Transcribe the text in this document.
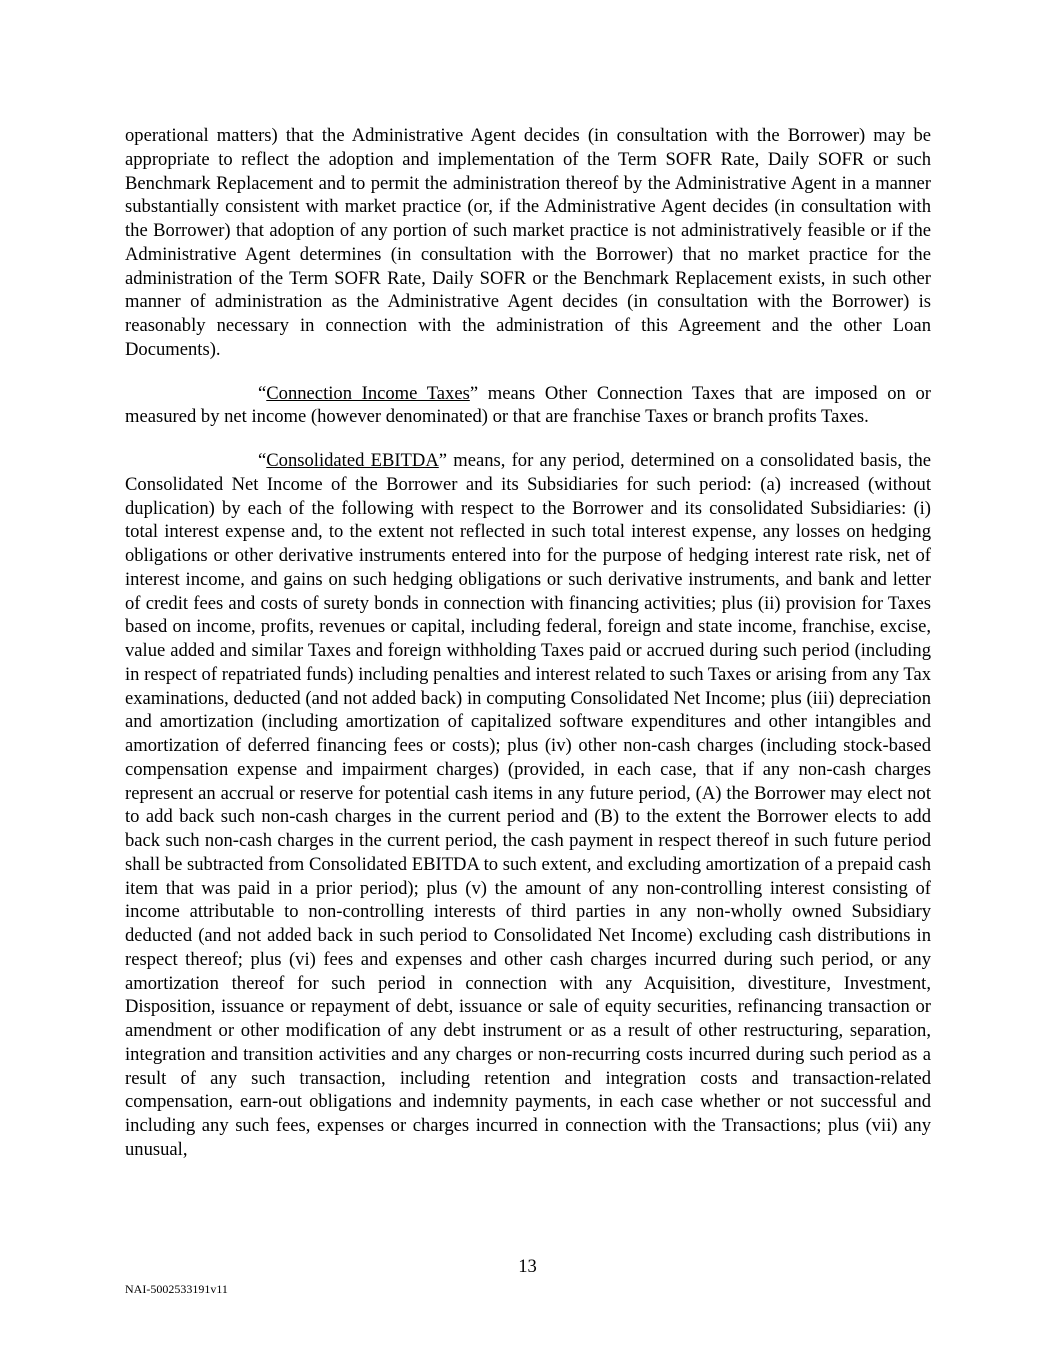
operational matters) that the Administrative Agent decides (in consultation with the Borrower) may be appropriate to reflect the adoption and implementation of the Term SOFR Rate, Daily SOFR or such Benchmark Replacement and to permit the administration thereof by the Administrative Agent in a manner substantially consistent with market practice (or, if the Administrative Agent decides (in consultation with the Borrower) that adoption of any portion of such market practice is not administratively feasible or if the Administrative Agent determines (in consultation with the Borrower) that no market practice for the administration of the Term SOFR Rate, Daily SOFR or the Benchmark Replacement exists, in such other manner of administration as the Administrative Agent decides (in consultation with the Borrower) is reasonably necessary in connection with the administration of this Agreement and the other Loan Documents).

“Connection Income Taxes” means Other Connection Taxes that are imposed on or measured by net income (however denominated) or that are franchise Taxes or branch profits Taxes.

“Consolidated EBITDA” means, for any period, determined on a consolidated basis, the Consolidated Net Income of the Borrower and its Subsidiaries for such period: (a) increased (without duplication) by each of the following with respect to the Borrower and its consolidated Subsidiaries: (i) total interest expense and, to the extent not reflected in such total interest expense, any losses on hedging obligations or other derivative instruments entered into for the purpose of hedging interest rate risk, net of interest income, and gains on such hedging obligations or such derivative instruments, and bank and letter of credit fees and costs of surety bonds in connection with financing activities; plus (ii) provision for Taxes based on income, profits, revenues or capital, including federal, foreign and state income, franchise, excise, value added and similar Taxes and foreign withholding Taxes paid or accrued during such period (including in respect of repatriated funds) including penalties and interest related to such Taxes or arising from any Tax examinations, deducted (and not added back) in computing Consolidated Net Income; plus (iii) depreciation and amortization (including amortization of capitalized software expenditures and other intangibles and amortization of deferred financing fees or costs); plus (iv) other non-cash charges (including stock-based compensation expense and impairment charges) (provided, in each case, that if any non-cash charges represent an accrual or reserve for potential cash items in any future period, (A) the Borrower may elect not to add back such non-cash charges in the current period and (B) to the extent the Borrower elects to add back such non-cash charges in the current period, the cash payment in respect thereof in such future period shall be subtracted from Consolidated EBITDA to such extent, and excluding amortization of a prepaid cash item that was paid in a prior period); plus (v) the amount of any non-controlling interest consisting of income attributable to non-controlling interests of third parties in any non-wholly owned Subsidiary deducted (and not added back in such period to Consolidated Net Income) excluding cash distributions in respect thereof; plus (vi) fees and expenses and other cash charges incurred during such period, or any amortization thereof for such period in connection with any Acquisition, divestiture, Investment, Disposition, issuance or repayment of debt, issuance or sale of equity securities, refinancing transaction or amendment or other modification of any debt instrument or as a result of other restructuring, separation, integration and transition activities and any charges or non-recurring costs incurred during such period as a result of any such transaction, including retention and integration costs and transaction-related compensation, earn-out obligations and indemnity payments, in each case whether or not successful and including any such fees, expenses or charges incurred in connection with the Transactions; plus (vii) any unusual,

13
NAI-5002533191v11
